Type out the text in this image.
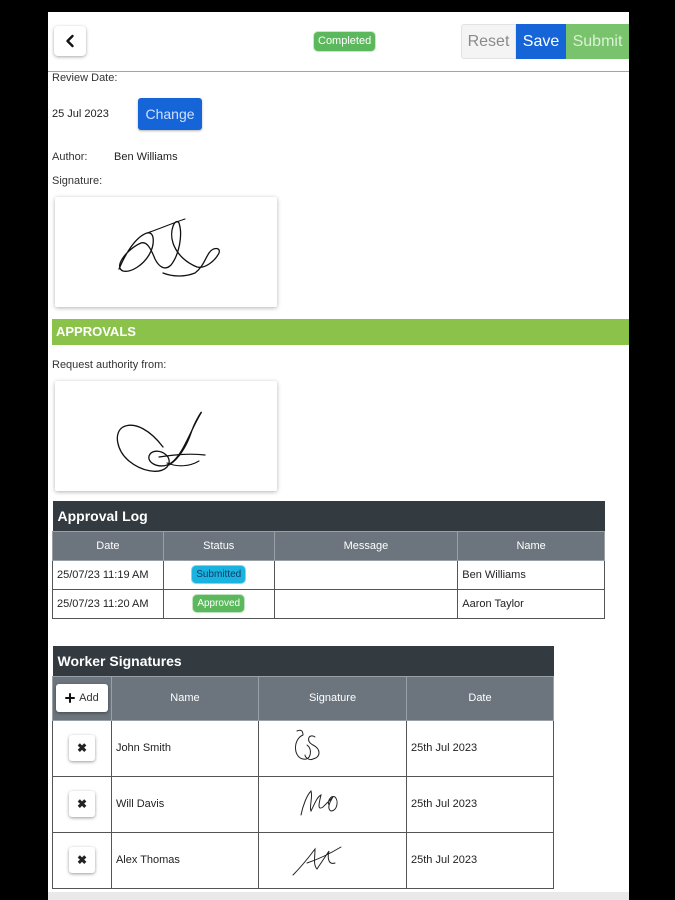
Completed	Reset Save Submit
Review Date:
25 Jul 2023	Change
Author: Ben Williams
Signature:
APPROVALS
Request authority from:
Approval Log			
Date	Status	Message	Name
25/07/23 11:19 AM	Submitted		Ben Williams
25/07/23 11:20 AM	Approved		Aaron Taylor
Worker Signatures			

Add	Name	Signature	Date

✖	John Smith		25th Jul 2023

✖	Will Davis		25th Jul 2023

✖	Alex Thomas		25th Jul 2023
